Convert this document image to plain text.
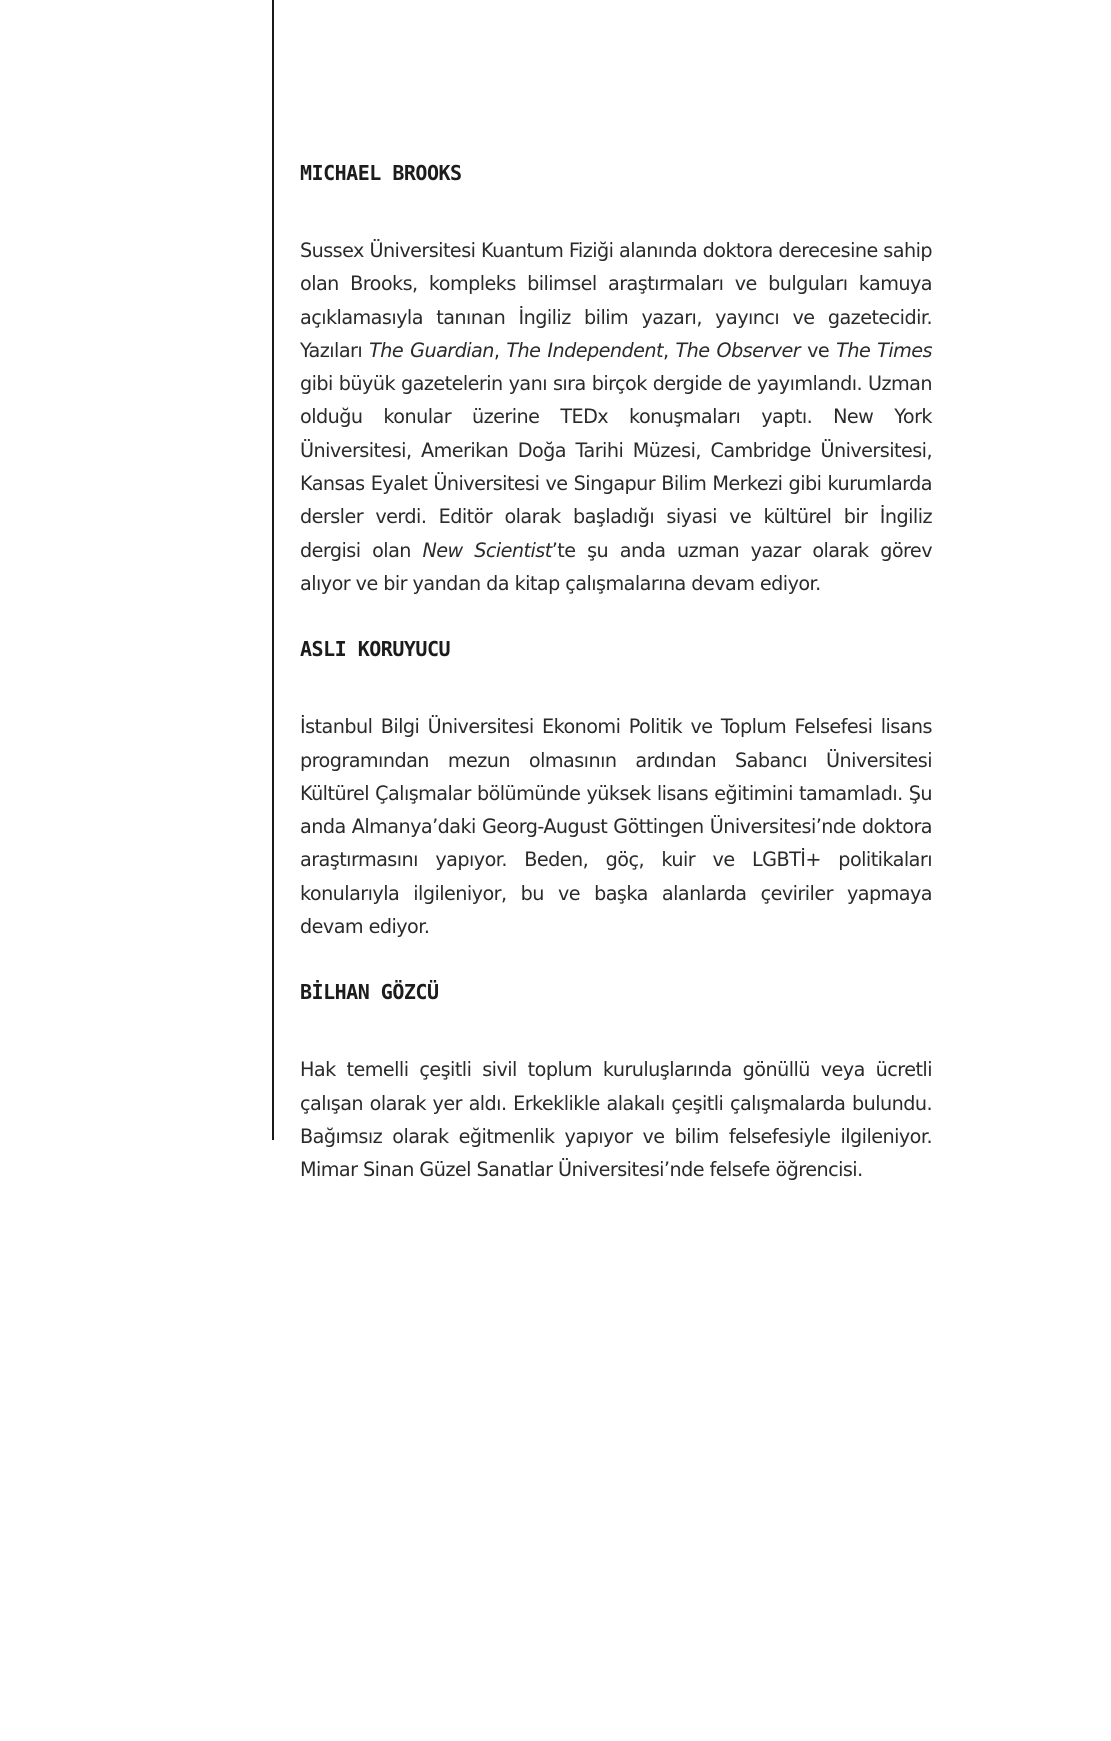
MICHAEL BROOKS

Sussex Üniversitesi Kuantum Fiziği alanında doktora derecesine sahip olan Brooks, kompleks bilimsel araştırmaları ve bulguları kamuya açıklamasıyla tanınan İngiliz bilim yazarı, yayıncı ve gazetecidir. Yazıları The Guardian, The Independent, The Observer ve The Times gibi büyük gazetelerin yanı sıra birçok dergide de yayımlandı. Uzman olduğu konular üzerine TEDx konuşmaları yaptı. New York Üniversitesi, Amerikan Doğa Tarihi Müzesi, Cambridge Üniversitesi, Kansas Eyalet Üniversitesi ve Singapur Bilim Merkezi gibi kurumlarda dersler verdi. Editör olarak başladığı siyasi ve kültürel bir İngiliz dergisi olan New Scientist’te şu anda uzman yazar olarak görev alıyor ve bir yandan da kitap çalışmalarına devam ediyor.

ASLI KORUYUCU

İstanbul Bilgi Üniversitesi Ekonomi Politik ve Toplum Felsefesi lisans programından mezun olmasının ardından Sabancı Üniversitesi Kültürel Çalışmalar bölümünde yüksek lisans eğitimini tamamladı. Şu anda Almanya’daki Georg-August Göttingen Üniversitesi’nde doktora araştırmasını yapıyor. Beden, göç, kuir ve LGBTİ+ politikaları konularıyla ilgileniyor, bu ve başka alanlarda çeviriler yapmaya devam ediyor.

BİLHAN GÖZCÜ

Hak temelli çeşitli sivil toplum kuruluşlarında gönüllü veya ücretli çalışan olarak yer aldı. Erkeklikle alakalı çeşitli çalışmalarda bulundu. Bağımsız olarak eğitmenlik yapıyor ve bilim felsefesiyle ilgileniyor. Mimar Sinan Güzel Sanatlar Üniversitesi’nde felsefe öğrencisi.
